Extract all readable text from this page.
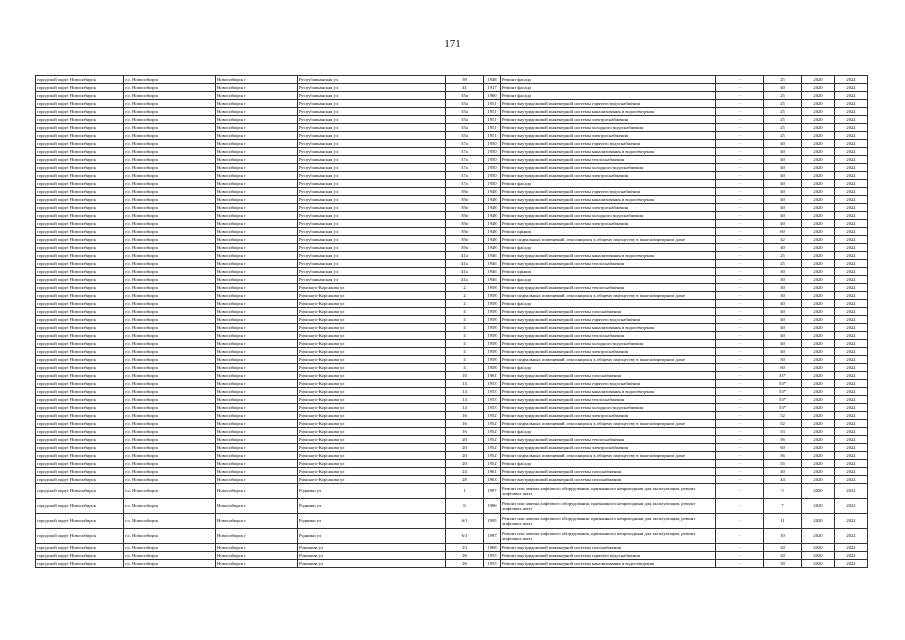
171
городской округ Новосибирск	г.о. Новосибирск	Новосибирск г	Республиканская ул	39	1948	Ремонт фасада	-	25	2020	2022
городской округ Новосибирск	г.о. Новосибирск	Новосибирск г	Республиканская ул	41	1917	Ремонт фасада	-	40	2020	2022
городской округ Новосибирск	г.о. Новосибирск	Новосибирск г	Республиканская ул	35а	1960	Ремонт фасада	-	25	2020	2022
городской округ Новосибирск	г.о. Новосибирск	Новосибирск г	Республиканская ул	35а	1951	Ремонт внутридомовой инженерной системы горячего водоснабжения	-	25	2020	2022
городской округ Новосибирск	г.о. Новосибирск	Новосибирск г	Республиканская ул	35а	1951	Ремонт внутридомовой инженерной системы канализования и водоотведения	-	25	2020	2022
городской округ Новосибирск	г.о. Новосибирск	Новосибирск г	Республиканская ул	35а	1951	Ремонт внутридомовой инженерной системы электроснабжения	-	25	2020	2022
городской округ Новосибирск	г.о. Новосибирск	Новосибирск г	Республиканская ул	35а	1951	Ремонт внутридомовой инженерной системы холодного водоснабжения	-	25	2020	2022
городской округ Новосибирск	г.о. Новосибирск	Новосибирск г	Республиканская ул	35а	1951	Ремонт внутридомовой инженерной системы электроснабжения	-	25	2020	2022
городской округ Новосибирск	г.о. Новосибирск	Новосибирск г	Республиканская ул	37а	1950	Ремонт внутридомовой инженерной системы горячего водоснабжения	-	40	2020	2022
городской округ Новосибирск	г.о. Новосибирск	Новосибирск г	Республиканская ул	37а	1950	Ремонт внутридомовой инженерной системы канализования и водоотведения	-	40	2020	2022
городской округ Новосибирск	г.о. Новосибирск	Новосибирск г	Республиканская ул	37а	1950	Ремонт внутридомовой инженерной системы теплоснабжения	-	40	2020	2022
городской округ Новосибирск	г.о. Новосибирск	Новосибирск г	Республиканская ул	37а	1950	Ремонт внутридомовой инженерной системы холодного водоснабжения	-	40	2020	2022
городской округ Новосибирск	г.о. Новосибирск	Новосибирск г	Республиканская ул	37а	1950	Ремонт внутридомовой инженерной системы электроснабжения	-	40	2020	2022
городской округ Новосибирск	г.о. Новосибирск	Новосибирск г	Республиканская ул	37а	1950	Ремонт фасада	-	40	2020	2022
городской округ Новосибирск	г.о. Новосибирск	Новосибирск г	Республиканская ул	39а	1948	Ремонт внутридомовой инженерной системы горячего водоснабжения	-	40	2020	2022
городской округ Новосибирск	г.о. Новосибирск	Новосибирск г	Республиканская ул	39а	1948	Ремонт внутридомовой инженерной системы канализования и водоотведения	-	40	2020	2022
городской округ Новосибирск	г.о. Новосибирск	Новосибирск г	Республиканская ул	39а	1948	Ремонт внутридомовой инженерной системы электроснабжения	-	40	2020	2022
городской округ Новосибирск	г.о. Новосибирск	Новосибирск г	Республиканская ул	39а	1948	Ремонт внутридомовой инженерной системы холодного водоснабжения	-	40	2020	2022
городской округ Новосибирск	г.о. Новосибирск	Новосибирск г	Республиканская ул	39а	1948	Ремонт внутридомовой инженерной системы электроснабжения	-	40	2020	2022
городской округ Новосибирск	г.о. Новосибирск	Новосибирск г	Республиканская ул	39а	1948	Ремонт крыши	-	60	2020	2022
городской округ Новосибирск	г.о. Новосибирск	Новосибирск г	Республиканская ул	39а	1948	Ремонт подвальных помещений, относящихся к общему имуществу в многоквартирном доме	-	42	2020	2022
городской округ Новосибирск	г.о. Новосибирск	Новосибирск г	Республиканская ул	39а	1948	Ремонт фасада	-	40	2020	2022
городской округ Новосибирск	г.о. Новосибирск	Новосибирск г	Республиканская ул	41а	1946	Ремонт внутридомовой инженерной системы канализования и водоотведения	-	25	2020	2022
городской округ Новосибирск	г.о. Новосибирск	Новосибирск г	Республиканская ул	41а	1946	Ремонт внутридомовой инженерной системы теплоснабжения	-	25	2020	2022
городской округ Новосибирск	г.о. Новосибирск	Новосибирск г	Республиканская ул	41а	1946	Ремонт крыши	-	30	2020	2022
городской округ Новосибирск	г.о. Новосибирск	Новосибирск г	Республиканская ул	41а	1946	Ремонт фасада	-	30	2020	2022
городской округ Новосибирск	г.о. Новосибирск	Новосибирск г	Римского-Корсакова ул	2	1958	Ремонт внутридомовой инженерной системы теплоснабжения	-	30	2020	2022
городской округ Новосибирск	г.о. Новосибирск	Новосибирск г	Римского-Корсакова ул	2	1958	Ремонт подвальных помещений, относящихся к общему имуществу в многоквартирном доме	-	30	2020	2022
городской округ Новосибирск	г.о. Новосибирск	Новосибирск г	Римского-Корсакова ул	2	1958	Ремонт фасада	-	40	2020	2022
городской округ Новосибирск	г.о. Новосибирск	Новосибирск г	Римского-Корсакова ул	4	1958	Ремонт внутридомовой инженерной системы газоснабжения	-	40	2020	2022
городской округ Новосибирск	г.о. Новосибирск	Новосибирск г	Римского-Корсакова ул	4	1958	Ремонт внутридомовой инженерной системы горячего водоснабжения	-	40	2020	2022
городской округ Новосибирск	г.о. Новосибирск	Новосибирск г	Римского-Корсакова ул	4	1958	Ремонт внутридомовой инженерной системы канализования и водоотведения	-	40	2020	2022
городской округ Новосибирск	г.о. Новосибирск	Новосибирск г	Римского-Корсакова ул	4	1958	Ремонт внутридомовой инженерной системы теплоснабжения	-	40	2020	2022
городской округ Новосибирск	г.о. Новосибирск	Новосибирск г	Римского-Корсакова ул	4	1958	Ремонт внутридомовой инженерной системы холодного водоснабжения	-	40	2020	2022
городской округ Новосибирск	г.о. Новосибирск	Новосибирск г	Римского-Корсакова ул	4	1958	Ремонт внутридомовой инженерной системы электроснабжения	-	40	2020	2022
городской округ Новосибирск	г.о. Новосибирск	Новосибирск г	Римского-Корсакова ул	4	1958	Ремонт подвальных помещений, относящихся к общему имуществу в многоквартирном доме	-	30	2020	2022
городской округ Новосибирск	г.о. Новосибирск	Новосибирск г	Римского-Корсакова ул	4	1958	Ремонт фасада	-	60	2020	2022
городской округ Новосибирск	г.о. Новосибирск	Новосибирск г	Римского-Корсакова ул	10	1961	Ремонт внутридомовой инженерной системы газоснабжения	-	35*	2020	2022
городской округ Новосибирск	г.о. Новосибирск	Новосибирск г	Римского-Корсакова ул	14	1953	Ремонт внутридомовой инженерной системы горячего водоснабжения	-	53*	2020	2022
городской округ Новосибирск	г.о. Новосибирск	Новосибирск г	Римского-Корсакова ул	14	1953	Ремонт внутридомовой инженерной системы канализования и водоотведения	-	53*	2020	2022
городской округ Новосибирск	г.о. Новосибирск	Новосибирск г	Римского-Корсакова ул	14	1953	Ремонт внутридомовой инженерной системы теплоснабжения	-	53*	2020	2022
городской округ Новосибирск	г.о. Новосибирск	Новосибирск г	Римского-Корсакова ул	14	1953	Ремонт внутридомовой инженерной системы холодного водоснабжения	-	53*	2020	2022
городской округ Новосибирск	г.о. Новосибирск	Новосибирск г	Римского-Корсакова ул	16	1952	Ремонт внутридомовой инженерной системы электроснабжения	-	52	2020	2022
городской округ Новосибирск	г.о. Новосибирск	Новосибирск г	Римского-Корсакова ул	16	1952	Ремонт подвальных помещений, относящихся к общему имуществу в многоквартирном доме	-	52	2020	2022
городской округ Новосибирск	г.о. Новосибирск	Новосибирск г	Римского-Корсакова ул	16	1952	Ремонт фасада	-	53	2020	2022
городской округ Новосибирск	г.о. Новосибирск	Новосибирск г	Римского-Корсакова ул	20	1952	Ремонт внутридомовой инженерной системы теплоснабжения	-	56	2020	2022
городской округ Новосибирск	г.о. Новосибирск	Новосибирск г	Римского-Корсакова ул	20	1952	Ремонт внутридомовой инженерной системы электроснабжения	-	60	2020	2022
городской округ Новосибирск	г.о. Новосибирск	Новосибирск г	Римского-Корсакова ул	20	1952	Ремонт подвальных помещений, относящихся к общему имуществу в многоквартирном доме	-	56	2020	2022
городской округ Новосибирск	г.о. Новосибирск	Новосибирск г	Римского-Корсакова ул	20	1952	Ремонт фасада	-	55	2020	2022
городской округ Новосибирск	г.о. Новосибирск	Новосибирск г	Римского-Корсакова ул	24	1961	Ремонт внутридомовой инженерной системы газоснабжения	-	40	2020	2022
городской округ Новосибирск	г.о. Новосибирск	Новосибирск г	Римского-Корсакова ул	28	1963	Ремонт внутридомовой инженерной системы газоснабжения	-	44	2020	2022
городской округ Новосибирск	г.о. Новосибирск	Новосибирск г	Родники ул	1	1997	Ремонт или замена лифтового оборудования, признанного непригодным для эксплуатации, ремонт лифтовых шахт	-	5	2020	2022
городской округ Новосибирск	г.о. Новосибирск	Новосибирск г	Родники ул	6	1996	Ремонт или замена лифтового оборудования, признанного непригодным для эксплуатации, ремонт лифтовых шахт	-	7	2020	2022
городской округ Новосибирск	г.о. Новосибирск	Новосибирск г	Родники ул	6/1	1995	Ремонт или замена лифтового оборудования, признанного непригодным для эксплуатации, ремонт лифтовых шахт	-	11	2020	2022
городской округ Новосибирск	г.о. Новосибирск	Новосибирск г	Родники ул	6/1	1997	Ремонт или замена лифтового оборудования, признанного непригодным для эксплуатации, ремонт лифтовых шахт	-	10	2020	2022
городской округ Новосибирск	г.о. Новосибирск	Новосибирск г	Романова ул	23	1968	Ремонт внутридомовой инженерной системы газоснабжения	-	20	2020	2022
городской округ Новосибирск	г.о. Новосибирск	Новосибирск г	Романова ул	26	1955	Ремонт внутридомовой инженерной системы горячего водоснабжения	-	20	2020	2022
городской округ Новосибирск	г.о. Новосибирск	Новосибирск г	Романова ул	26	1955	Ремонт внутридомовой инженерной системы канализования и водоотведения	-	39	2020	2022
